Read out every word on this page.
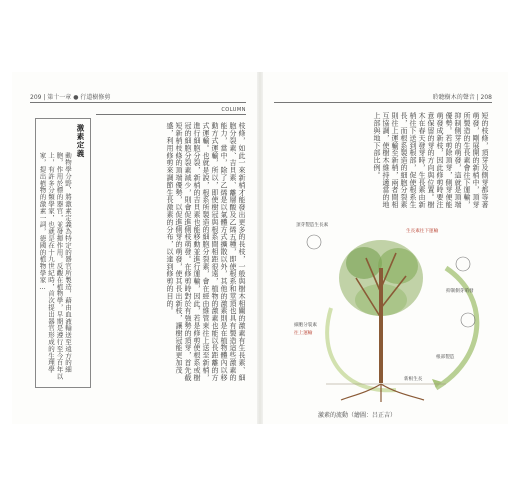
209 | 第十一章 ● 行道樹修剪	聆聽樹木的聲音 | 208
COLUMN
激素定義
動物學分野，將激素定義為特定的器官所製造，藉由血液輸送至遠方的細胞，作用於標的器官，並發揮作用。反觀在植物學，早期是遵行至今百年以上，有許多分類學家，也就是在十九世紀時，首次提出器官形成的生理學家，提出植物的激素一詞，德國的植物學家…	枝條，如此一來新梢才能發出更多的長枝，一般與樹木相關的激素有生長素、細胞分裂素、吉貝素、離層酸及乙烯五種，即使根系和莖頂也具有製造這些激素的能力，當中，除了乙烯是以氣體方式擴散以外，其他的激素則是在植物體內以移動方式運輸，所以，即使樹冠與根系間相距很遠，植物的激素也能以長距離的方式運輸。也就是說，根系所製造的細胞分裂素，會在經由維管束往上送至新梢，進行細胞分裂，新梢的吉貝素也能移動並進行運輸，因此，若是修剪使根系或樹冠的細胞分裂素減少，則會促進側枝萌發。在修剪時對於有強勢的頂芽，首先截短新梢枝條的頂端優勢，以促進側芽的萌發，使其長出新枝，讓樹冠能更加茂盛，利用修剪來調節生長激素的分布，以達到修剪的目的。	短的枝條，頂芽及側芽都等著萌發，剛展開的新梢中，頂芽所製造的生長素會往下運輸，抑制側芽的萌發，這就是頂端優勢。若剪除頂芽，側芽便能萌發成新枝，因此修剪時要注意保留的芽的方向與位置。樹木在春天發芽時，生長素由新梢往下送到根部，促使根系生長，而根系製造的細胞分裂素則往上運輸至新梢，兩者間相互協調，使樹木維持適當的地上部與地下部比例。
頂芽製造生長素
生長素往下運輸
抑制側芽萌發
細胞分裂素
往上運輸
根部製造
新根生長
激素的流動（繪圖：吕正吉）
